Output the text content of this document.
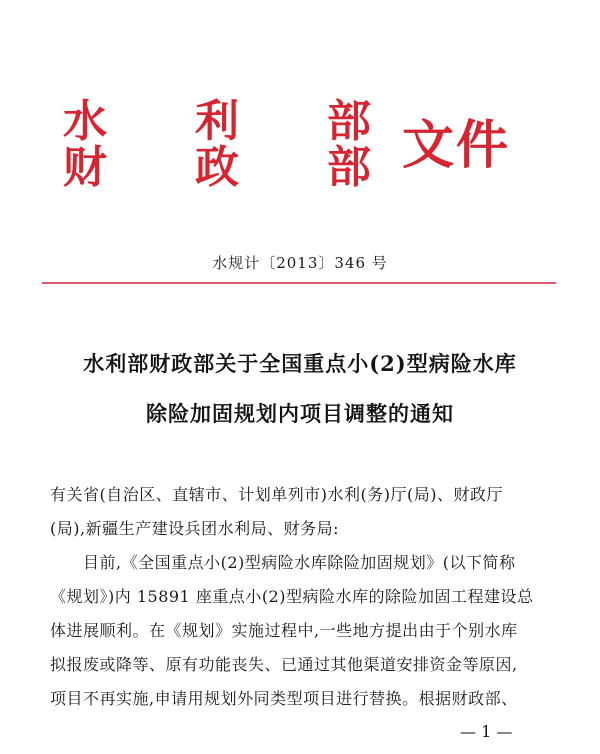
水 利 部
财 政 部 文件
水规计〔2013〕346 号
水利部财政部关于全国重点小(2)型病险水库
除险加固规划内项目调整的通知
有关省(自治区、直辖市、计划单列市)水利(务)厅(局)、财政厅
(局),新疆生产建设兵团水利局、财务局:
　　目前,《全国重点小(2)型病险水库除险加固规划》(以下简称
《规划》)内 15891 座重点小(2)型病险水库的除险加固工程建设总
体进展顺利。在《规划》实施过程中,一些地方提出由于个别水库
拟报废或降等、原有功能丧失、已通过其他渠道安排资金等原因,
项目不再实施,申请用规划外同类型项目进行替换。根据财政部、
— 1 —
